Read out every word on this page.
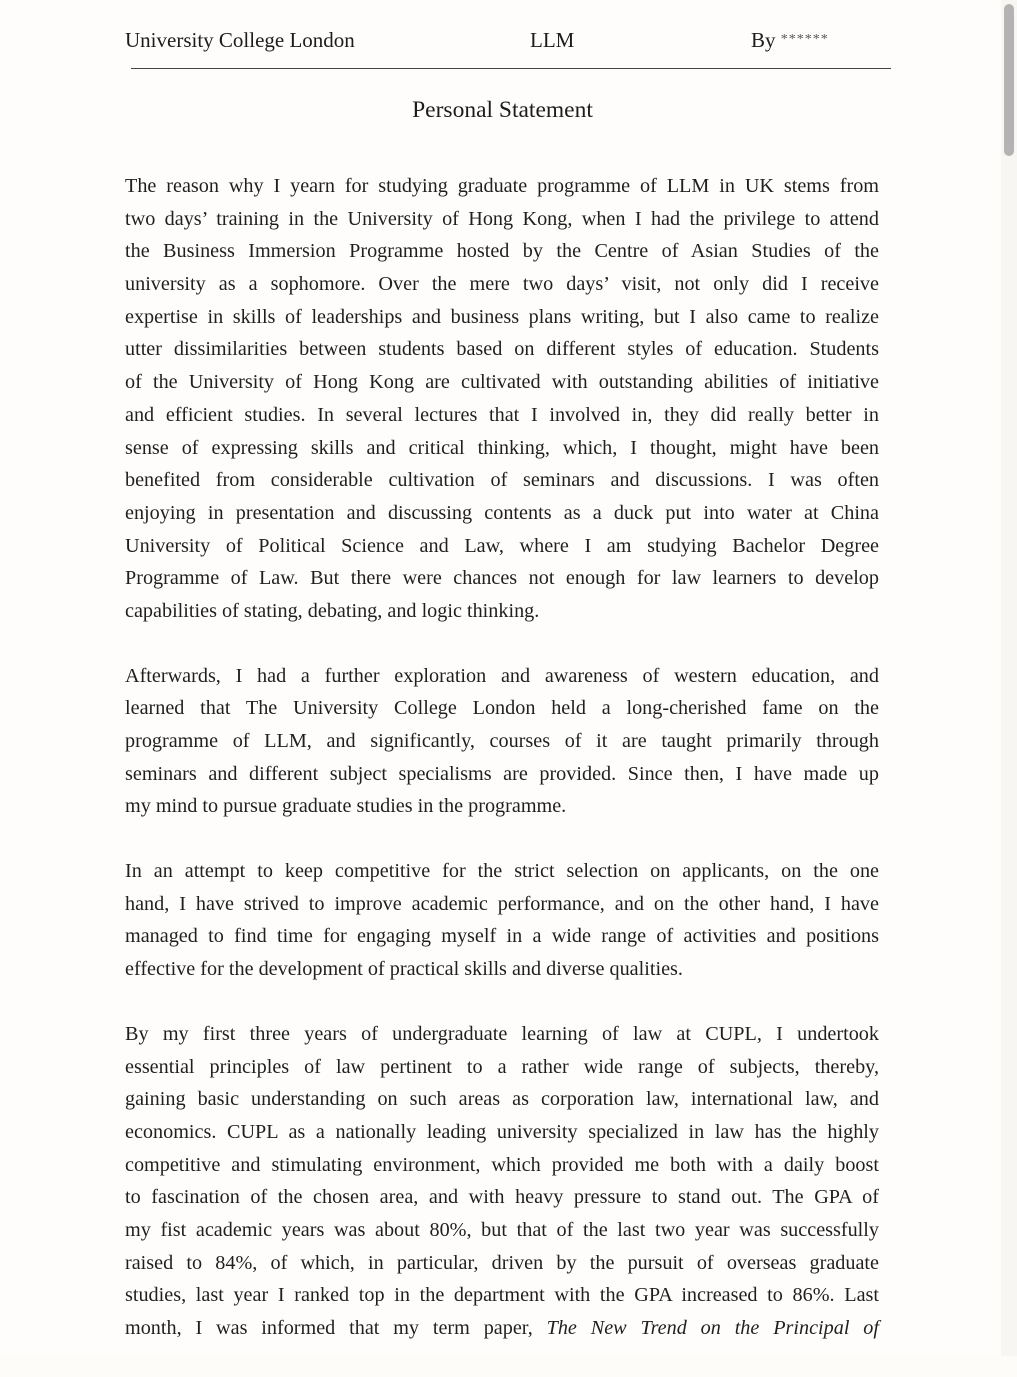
University College London	LLM	By ******
Personal Statement
The reason why I yearn for studying graduate programme of LLM in UK stems from
two days’ training in the University of Hong Kong, when I had the privilege to attend
the Business Immersion Programme hosted by the Centre of Asian Studies of the
university as a sophomore. Over the mere two days’ visit, not only did I receive
expertise in skills of leaderships and business plans writing, but I also came to realize
utter dissimilarities between students based on different styles of education. Students
of the University of Hong Kong are cultivated with outstanding abilities of initiative
and efficient studies. In several lectures that I involved in, they did really better in
sense of expressing skills and critical thinking, which, I thought, might have been
benefited from considerable cultivation of seminars and discussions. I was often
enjoying in presentation and discussing contents as a duck put into water at China
University of Political Science and Law, where I am studying Bachelor Degree
Programme of Law. But there were chances not enough for law learners to develop
capabilities of stating, debating, and logic thinking.
Afterwards, I had a further exploration and awareness of western education, and
learned that The University College London held a long-cherished fame on the
programme of LLM, and significantly, courses of it are taught primarily through
seminars and different subject specialisms are provided. Since then, I have made up
my mind to pursue graduate studies in the programme.
In an attempt to keep competitive for the strict selection on applicants, on the one
hand, I have strived to improve academic performance, and on the other hand, I have
managed to find time for engaging myself in a wide range of activities and positions
effective for the development of practical skills and diverse qualities.
By my first three years of undergraduate learning of law at CUPL, I undertook
essential principles of law pertinent to a rather wide range of subjects, thereby,
gaining basic understanding on such areas as corporation law, international law, and
economics. CUPL as a nationally leading university specialized in law has the highly
competitive and stimulating environment, which provided me both with a daily boost
to fascination of the chosen area, and with heavy pressure to stand out. The GPA of
my fist academic years was about 80%, but that of the last two year was successfully
raised to 84%, of which, in particular, driven by the pursuit of overseas graduate
studies, last year I ranked top in the department with the GPA increased to 86%. Last
month, I was informed that my term paper, The New Trend on the Principal of
